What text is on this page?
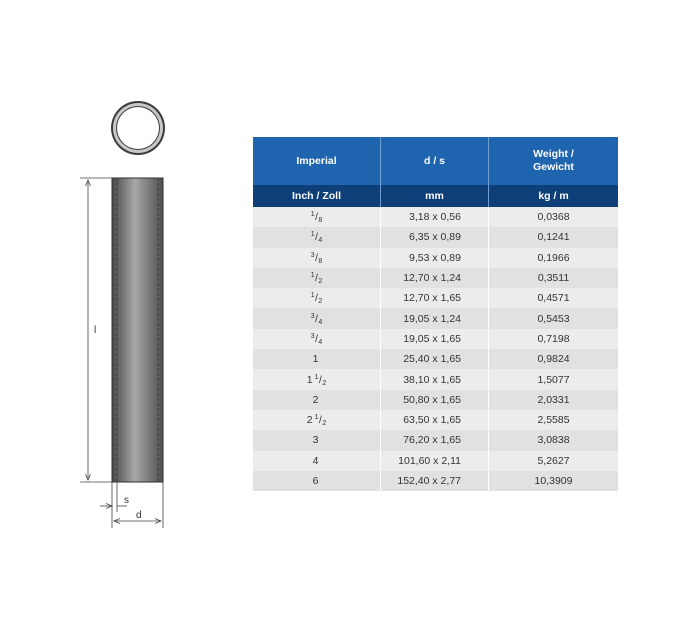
l
s
d
Imperial	d / s	Weight /
Gewicht
Inch / Zoll	mm	kg / m
$^1$/8	3,18 x 0,56	0,0368
$^1$/4	6,35 x 0,89	0,1241
$^3$/8	9,53 x 0,89	0,1966
$^1$/2	12,70 x 1,24	0,3511
$^1$/2	12,70 x 1,65	0,4571
$^3$/4	19,05 x 1,24	0,5453
$^3$/4	19,05 x 1,65	0,7198
1	25,40 x 1,65	0,9824
1 $^1$/2	38,10 x 1,65	1,5077
2	50,80 x 1,65	2,0331
2 $^1$/2	63,50 x 1,65	2,5585
3	76,20 x 1,65	3,0838
4	101,60 x 2,11	5,2627
6	152,40 x 2,77	10,3909
